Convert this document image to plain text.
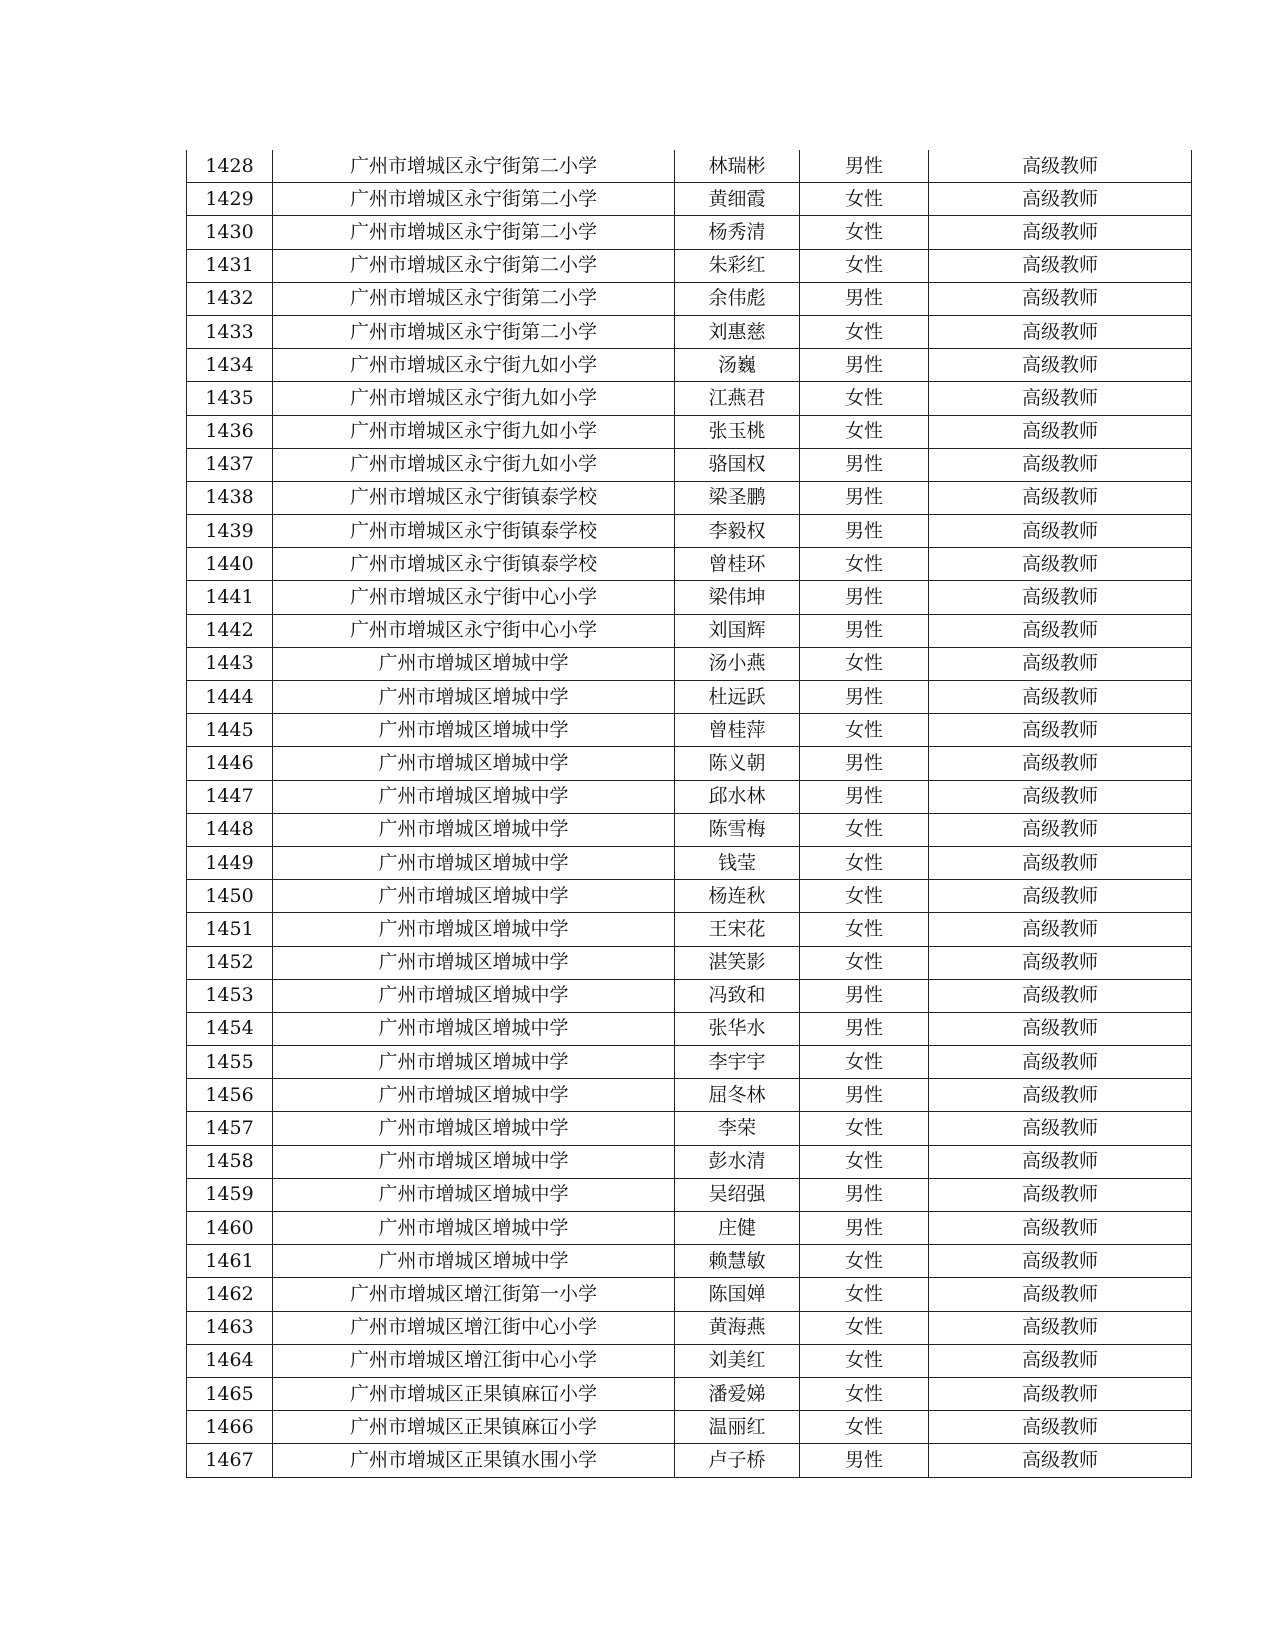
1428	广州市增城区永宁街第二小学	林瑞彬	男性	高级教师
1429	广州市增城区永宁街第二小学	黄细霞	女性	高级教师
1430	广州市增城区永宁街第二小学	杨秀清	女性	高级教师
1431	广州市增城区永宁街第二小学	朱彩红	女性	高级教师
1432	广州市增城区永宁街第二小学	余伟彪	男性	高级教师
1433	广州市增城区永宁街第二小学	刘惠慈	女性	高级教师
1434	广州市增城区永宁街九如小学	汤巍	男性	高级教师
1435	广州市增城区永宁街九如小学	江燕君	女性	高级教师
1436	广州市增城区永宁街九如小学	张玉桃	女性	高级教师
1437	广州市增城区永宁街九如小学	骆国权	男性	高级教师
1438	广州市增城区永宁街镇泰学校	梁圣鹏	男性	高级教师
1439	广州市增城区永宁街镇泰学校	李毅权	男性	高级教师
1440	广州市增城区永宁街镇泰学校	曾桂环	女性	高级教师
1441	广州市增城区永宁街中心小学	梁伟坤	男性	高级教师
1442	广州市增城区永宁街中心小学	刘国辉	男性	高级教师
1443	广州市增城区增城中学	汤小燕	女性	高级教师
1444	广州市增城区增城中学	杜远跃	男性	高级教师
1445	广州市增城区增城中学	曾桂萍	女性	高级教师
1446	广州市增城区增城中学	陈义朝	男性	高级教师
1447	广州市增城区增城中学	邱水林	男性	高级教师
1448	广州市增城区增城中学	陈雪梅	女性	高级教师
1449	广州市增城区增城中学	钱莹	女性	高级教师
1450	广州市增城区增城中学	杨连秋	女性	高级教师
1451	广州市增城区增城中学	王宋花	女性	高级教师
1452	广州市增城区增城中学	湛笑影	女性	高级教师
1453	广州市增城区增城中学	冯致和	男性	高级教师
1454	广州市增城区增城中学	张华水	男性	高级教师
1455	广州市增城区增城中学	李宇宇	女性	高级教师
1456	广州市增城区增城中学	屈冬林	男性	高级教师
1457	广州市增城区增城中学	李荣	女性	高级教师
1458	广州市增城区增城中学	彭水清	女性	高级教师
1459	广州市增城区增城中学	吴绍强	男性	高级教师
1460	广州市增城区增城中学	庄健	男性	高级教师
1461	广州市增城区增城中学	赖慧敏	女性	高级教师
1462	广州市增城区增江街第一小学	陈国婵	女性	高级教师
1463	广州市增城区增江街中心小学	黄海燕	女性	高级教师
1464	广州市增城区增江街中心小学	刘美红	女性	高级教师
1465	广州市增城区正果镇麻冚小学	潘爱娣	女性	高级教师
1466	广州市增城区正果镇麻冚小学	温丽红	女性	高级教师
1467	广州市增城区正果镇水围小学	卢子桥	男性	高级教师
